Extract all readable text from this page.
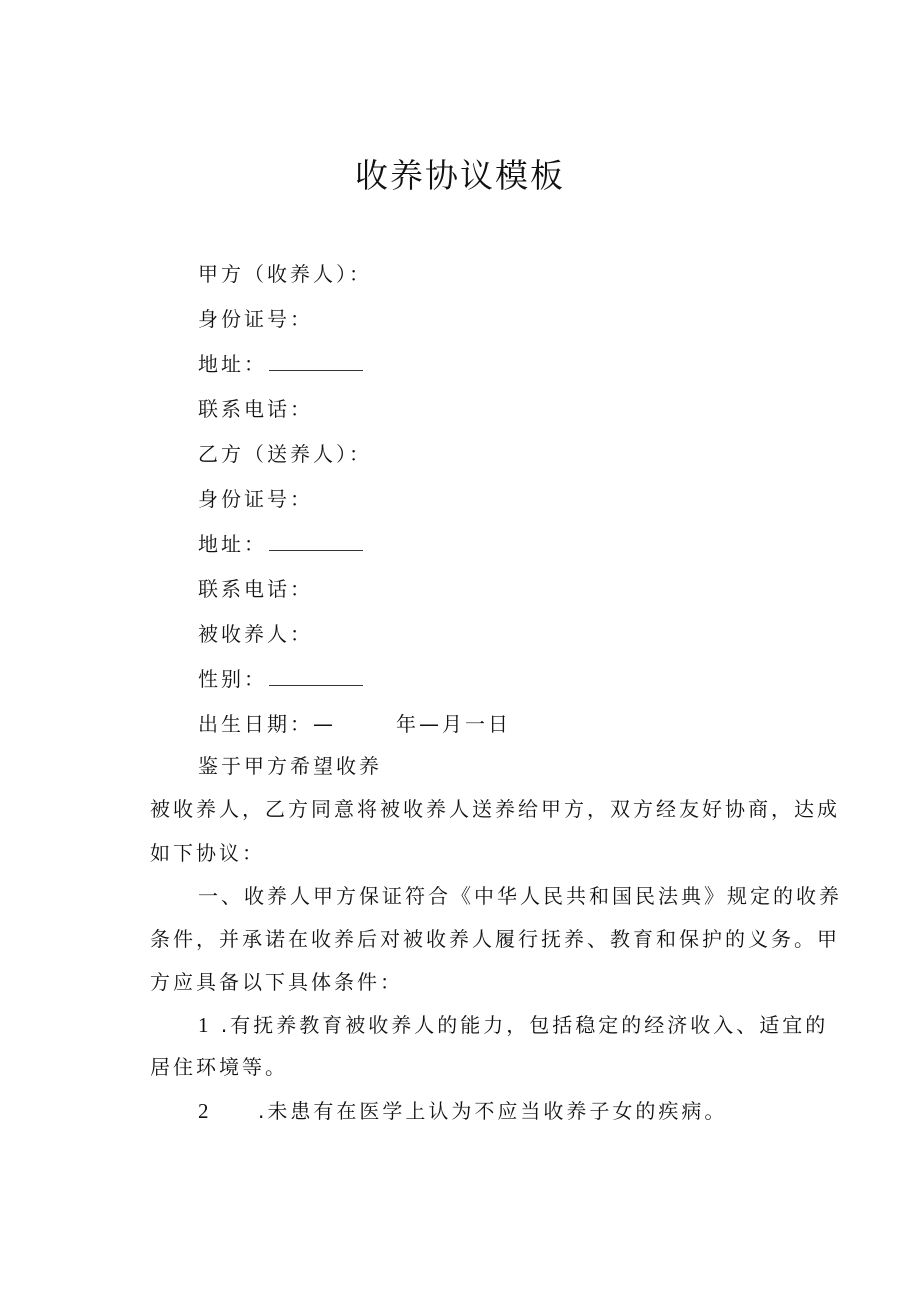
收养协议模板
甲方（收养人）：
身份证号：
地址：
联系电话：
乙方（送养人）：
身份证号：
地址：
联系电话：
被收养人：
性别：
出生日期：—	年—月一日
鉴于甲方希望收养
被收养人，乙方同意将被收养人送养给甲方，双方经友好协商，达成
如下协议：
一、收养人甲方保证符合《中华人民共和国民法典》规定的收养
条件，并承诺在收养后对被收养人履行抚养、教育和保护的义务。甲
方应具备以下具体条件：
1 .有抚养教育被收养人的能力，包括稳定的经济收入、适宜的
居住环境等。
2 .未患有在医学上认为不应当收养子女的疾病。
